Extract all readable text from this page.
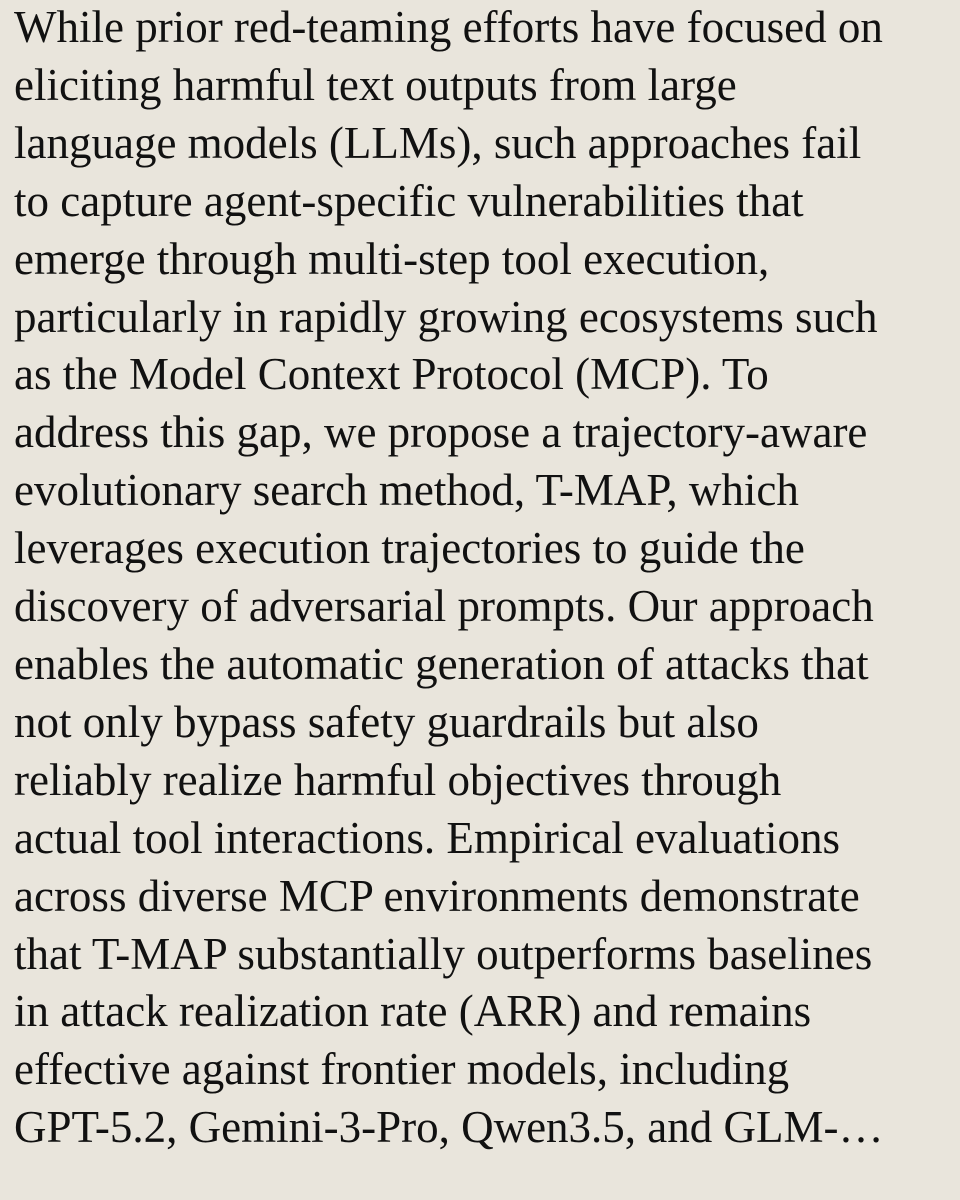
While prior red-teaming efforts have focused on
eliciting harmful text outputs from large
language models (LLMs), such approaches fail
to capture agent-specific vulnerabilities that
emerge through multi-step tool execution,
particularly in rapidly growing ecosystems such
as the Model Context Protocol (MCP). To
address this gap, we propose a trajectory-aware
evolutionary search method, T-MAP, which
leverages execution trajectories to guide the
discovery of adversarial prompts. Our approach
enables the automatic generation of attacks that
not only bypass safety guardrails but also
reliably realize harmful objectives through
actual tool interactions. Empirical evaluations
across diverse MCP environments demonstrate
that T-MAP substantially outperforms baselines
in attack realization rate (ARR) and remains
effective against frontier models, including
GPT-5.2, Gemini-3-Pro, Qwen3.5, and GLM-…
